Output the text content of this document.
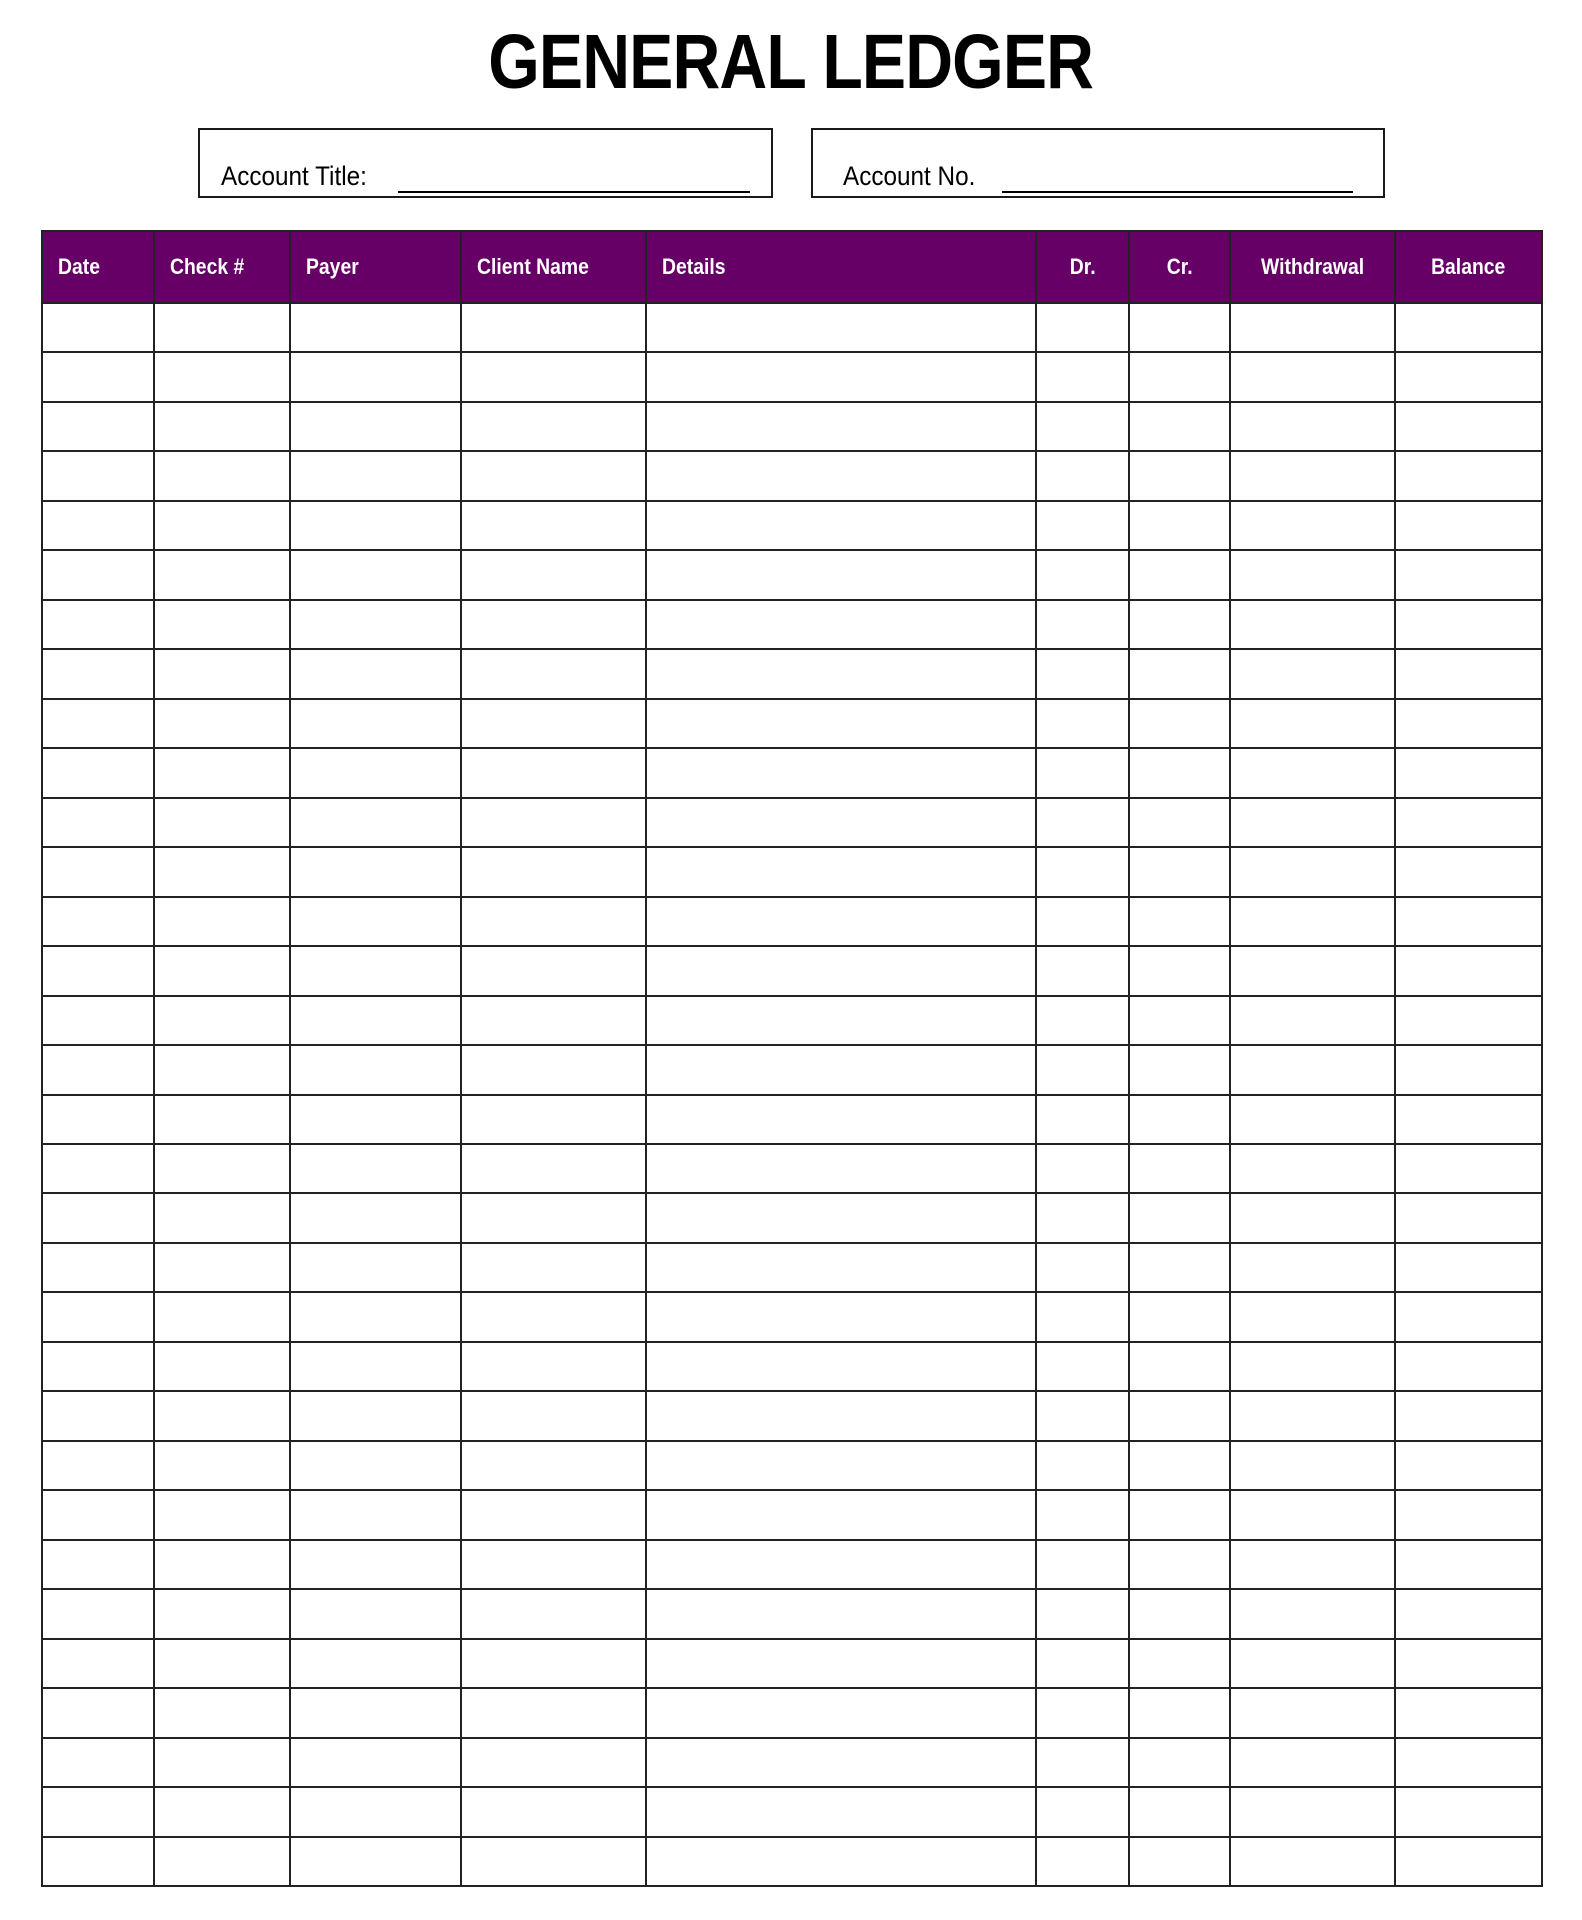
GENERAL LEDGER
Account Title:	Account No.
Date	Check #	Payer	Client Name	Details	Dr.	Cr.	Withdrawal	Balance
